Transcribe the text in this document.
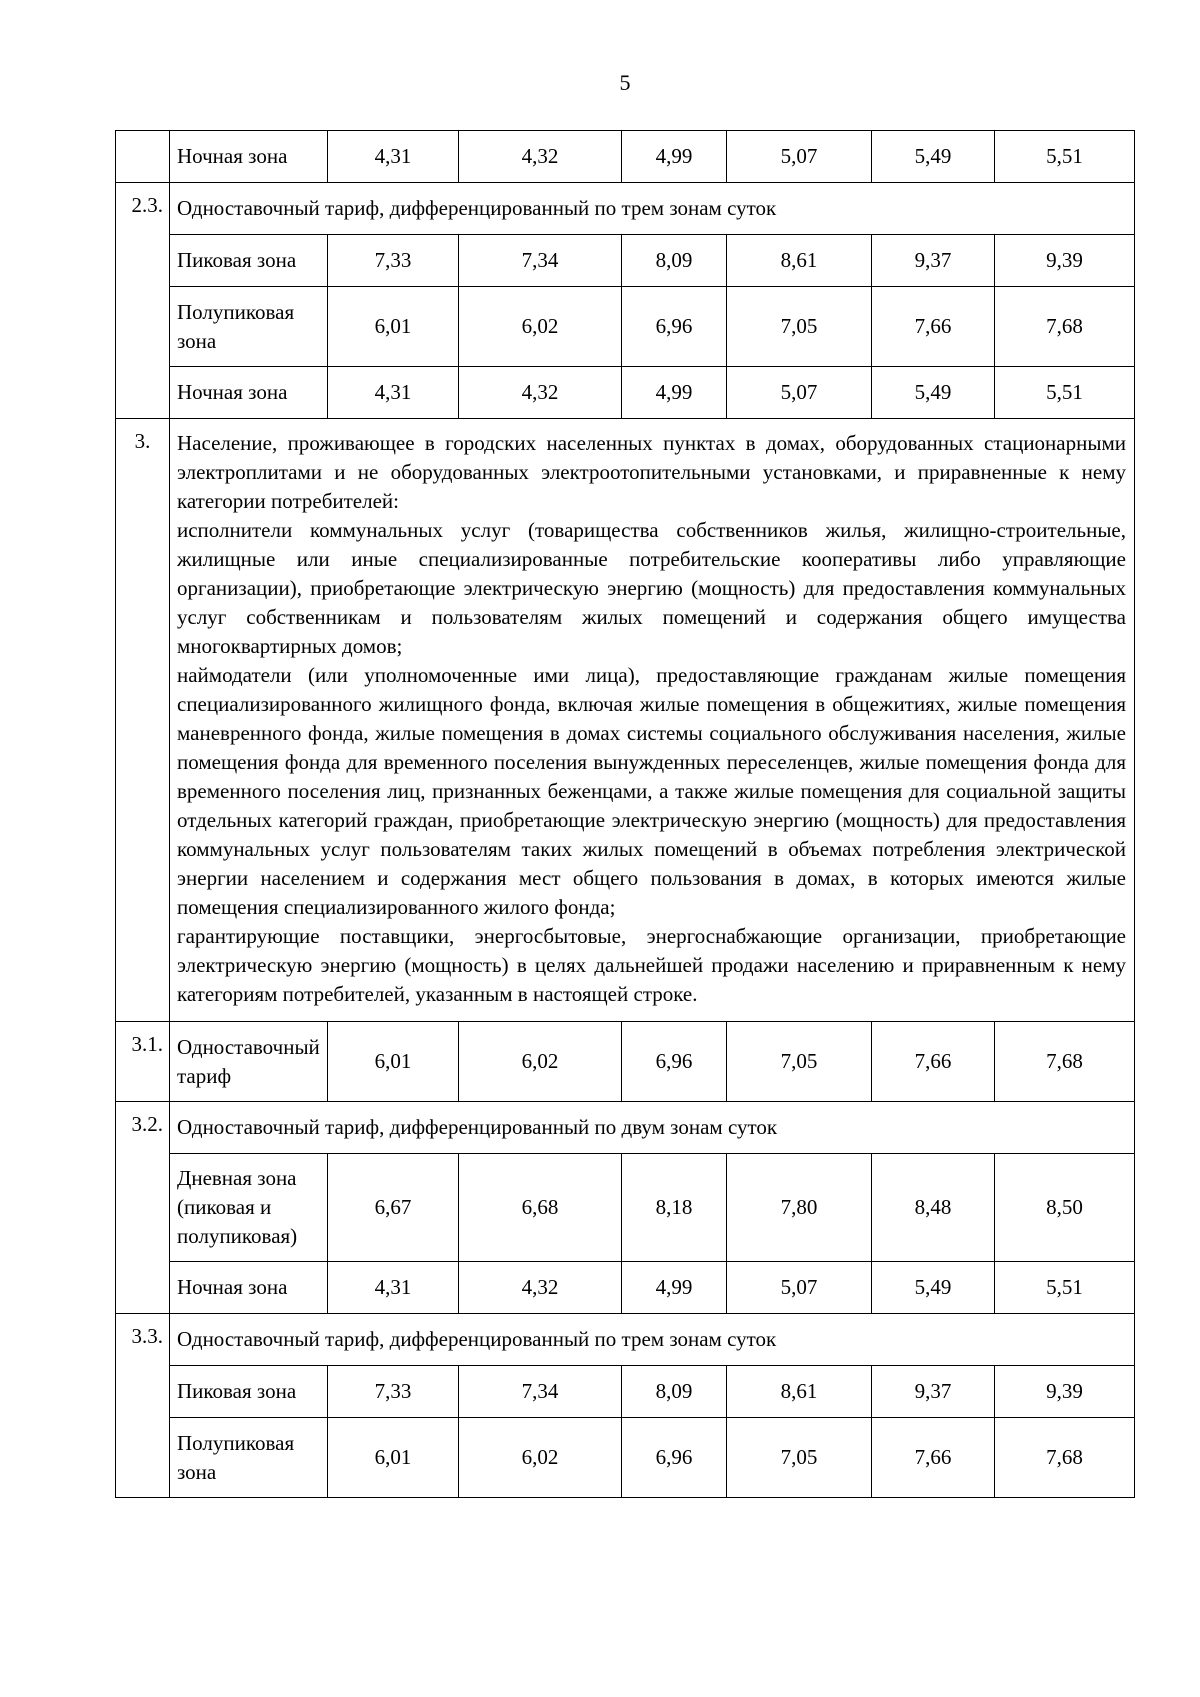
5
	Ночная зона	4,31	4,32	4,99	5,07	5,49	5,51
2.3.	Одноставочный тариф, дифференцированный по трем зонам суток						
	Пиковая зона	7,33	7,34	8,09	8,61	9,37	9,39
	Полупиковая зона	6,01	6,02	6,96	7,05	7,66	7,68
	Ночная зона	4,31	4,32	4,99	5,07	5,49	5,51
3.	Население, проживающее в городских населенных пунктах в домах, оборудованных стационарными электроплитами и не оборудованных электроотопительными установками, и приравненные к нему категории потребителей:

исполнители коммунальных услуг (товарищества собственников жилья, жилищно-строительные, жилищные или иные специализированные потребительские кооперативы либо управляющие организации), приобретающие электрическую энергию (мощность) для предоставления коммунальных услуг собственникам и пользователям жилых помещений и содержания общего имущества многоквартирных домов;

наймодатели (или уполномоченные ими лица), предоставляющие гражданам жилые помещения специализированного жилищного фонда, включая жилые помещения в общежитиях, жилые помещения маневренного фонда, жилые помещения в домах системы социального обслуживания населения, жилые помещения фонда для временного поселения вынужденных переселенцев, жилые помещения фонда для временного поселения лиц, признанных беженцами, а также жилые помещения для социальной защиты отдельных категорий граждан, приобретающие электрическую энергию (мощность) для предоставления коммунальных услуг пользователям таких жилых помещений в объемах потребления электрической энергии населением и содержания мест общего пользования в домах, в которых имеются жилые помещения специализированного жилого фонда;

гарантирующие поставщики, энергосбытовые, энергоснабжающие организации, приобретающие электрическую энергию (мощность) в целях дальнейшей продажи населению и приравненным к нему категориям потребителей, указанным в настоящей строке.						

3.1.	Одноставочный тариф	6,01	6,02	6,96	7,05	7,66	7,68
3.2.	Одноставочный тариф, дифференцированный по двум зонам суток						
	Дневная зона (пиковая и полупиковая)	6,67	6,68	8,18	7,80	8,48	8,50
	Ночная зона	4,31	4,32	4,99	5,07	5,49	5,51
3.3.	Одноставочный тариф, дифференцированный по трем зонам суток						
	Пиковая зона	7,33	7,34	8,09	8,61	9,37	9,39
	Полупиковая зона	6,01	6,02	6,96	7,05	7,66	7,68
